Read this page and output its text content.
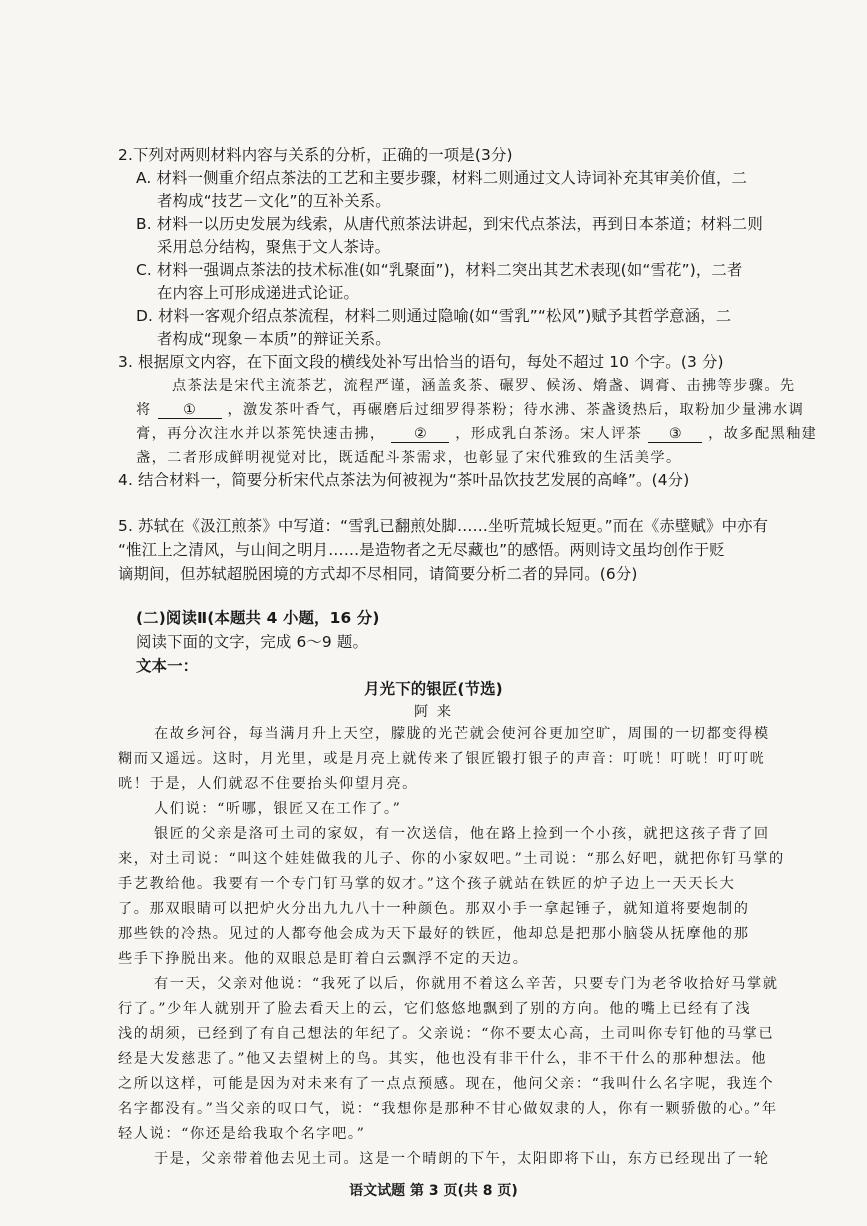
2.下列对两则材料内容与关系的分析，正确的一项是(3分)
A. 材料一侧重介绍点茶法的工艺和主要步骤，材料二则通过文人诗词补充其审美价值，二
者构成“技艺－文化”的互补关系。
B. 材料一以历史发展为线索，从唐代煎茶法讲起，到宋代点茶法，再到日本茶道；材料二则
采用总分结构，聚焦于文人茶诗。
C. 材料一强调点茶法的技术标准(如“乳聚面”)，材料二突出其艺术表现(如“雪花”)，二者
在内容上可形成递进式论证。
D. 材料一客观介绍点茶流程，材料二则通过隐喻(如“雪乳”“松风”)赋予其哲学意涵，二
者构成“现象－本质”的辩证关系。
3. 根据原文内容，在下面文段的横线处补写出恰当的语句，每处不超过 10 个字。(3 分)
点茶法是宋代主流茶艺，流程严谨，涵盖炙茶、碾罗、候汤、熁盏、调膏、击拂等步骤。先
将 ① ，激发茶叶香气，再碾磨后过细罗得茶粉；待水沸、茶盏烫热后，取粉加少量沸水调
膏，再分次注水并以茶筅快速击拂， ② ，形成乳白茶汤。宋人评茶 ③ ，故多配黑釉建
盏，二者形成鲜明视觉对比，既适配斗茶需求，也彰显了宋代雅致的生活美学。
4. 结合材料一，简要分析宋代点茶法为何被视为“茶叶品饮技艺发展的高峰”。(4分)
5. 苏轼在《汲江煎茶》中写道：“雪乳已翻煎处脚……坐听荒城长短更。”而在《赤壁赋》中亦有
“惟江上之清风，与山间之明月……是造物者之无尽藏也”的感悟。两则诗文虽均创作于贬
谪期间，但苏轼超脱困境的方式却不尽相同，请简要分析二者的异同。(6分)
(二)阅读Ⅱ(本题共 4 小题，16 分)
阅读下面的文字，完成 6～9 题。
文本一：
月光下的银匠(节选)
阿 来
在故乡河谷，每当满月升上天空，朦胧的光芒就会使河谷更加空旷，周围的一切都变得模
糊而又遥远。这时，月光里，或是月亮上就传来了银匠锻打银子的声音：叮咣！叮咣！叮叮咣
咣！于是，人们就忍不住要抬头仰望月亮。
人们说：“听哪，银匠又在工作了。”
银匠的父亲是洛可土司的家奴，有一次送信，他在路上捡到一个小孩，就把这孩子背了回
来，对土司说：“叫这个娃娃做我的儿子、你的小家奴吧。”土司说：“那么好吧，就把你钉马掌的
手艺教给他。我要有一个专门钉马掌的奴才。”这个孩子就站在铁匠的炉子边上一天天长大
了。那双眼睛可以把炉火分出九九八十一种颜色。那双小手一拿起锤子，就知道将要炮制的
那些铁的冷热。见过的人都夸他会成为天下最好的铁匠，他却总是把那小脑袋从抚摩他的那
些手下挣脱出来。他的双眼总是盯着白云飘浮不定的天边。
有一天，父亲对他说：“我死了以后，你就用不着这么辛苦，只要专门为老爷收拾好马掌就
行了。”少年人就别开了脸去看天上的云，它们悠悠地飘到了别的方向。他的嘴上已经有了浅
浅的胡须，已经到了有自己想法的年纪了。父亲说：“你不要太心高，土司叫你专钉他的马掌已
经是大发慈悲了。”他又去望树上的鸟。其实，他也没有非干什么，非不干什么的那种想法。他
之所以这样，可能是因为对未来有了一点点预感。现在，他问父亲：“我叫什么名字呢，我连个
名字都没有。”当父亲的叹口气，说：“我想你是那种不甘心做奴隶的人，你有一颗骄傲的心。”年
轻人说：“你还是给我取个名字吧。”
于是，父亲带着他去见土司。这是一个晴朗的下午，太阳即将下山，东方已经现出了一轮
语文试题 第 3 页(共 8 页)
